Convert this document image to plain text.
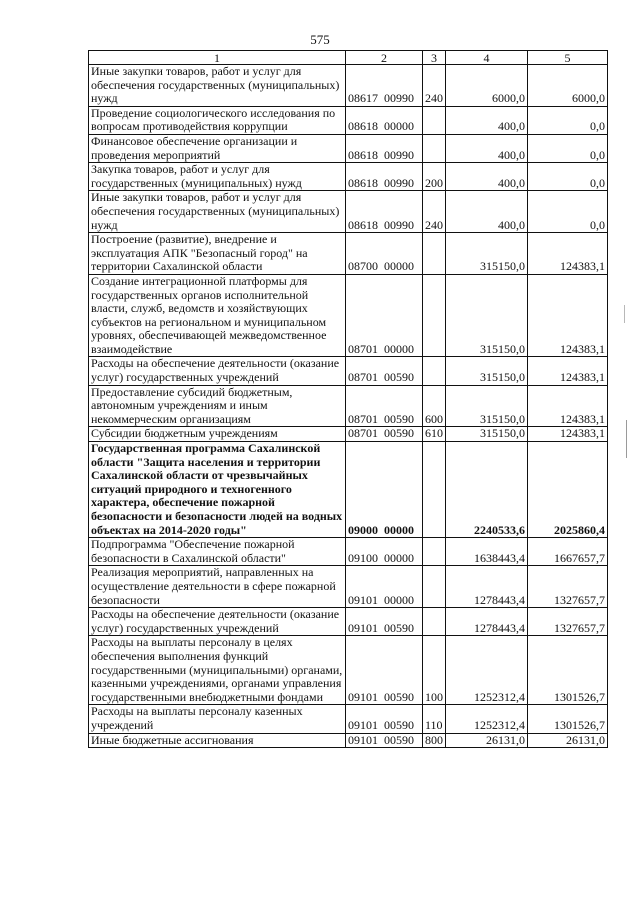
575
1	2	3	4	5
Иные закупки товаров, работ и услуг для обеспечения государственных (муниципальных) нужд	08617 00990	240	6000,0	6000,0
Проведение социологического исследования по вопросам противодействия коррупции	08618 00000		400,0	0,0
Финансовое обеспечение организации и проведения мероприятий	08618 00990		400,0	0,0
Закупка товаров, работ и услуг для государственных (муниципальных) нужд	08618 00990	200	400,0	0,0
Иные закупки товаров, работ и услуг для обеспечения государственных (муниципальных) нужд	08618 00990	240	400,0	0,0
Построение (развитие), внедрение и эксплуатация АПК "Безопасный город" на территории Сахалинской области	08700 00000		315150,0	124383,1
Создание интеграционной платформы для государственных органов исполнительной власти, служб, ведомств и хозяйствующих субъектов на региональном и муниципальном уровнях, обеспечивающей межведомственное взаимодействие	08701 00000		315150,0	124383,1
Расходы на обеспечение деятельности (оказание услуг) государственных учреждений	08701 00590		315150,0	124383,1
Предоставление субсидий бюджетным, автономным учреждениям и иным некоммерческим организациям	08701 00590	600	315150,0	124383,1
Субсидии бюджетным учреждениям	08701 00590	610	315150,0	124383,1
Государственная программа Сахалинской области "Защита населения и территории Сахалинской области от чрезвычайных ситуаций природного и техногенного характера, обеспечение пожарной безопасности и безопасности людей на водных объектах на 2014-2020 годы"	09000 00000		2240533,6	2025860,4
Подпрограмма "Обеспечение пожарной безопасности в Сахалинской области"	09100 00000		1638443,4	1667657,7
Реализация мероприятий, направленных на осуществление деятельности в сфере пожарной безопасности	09101 00000		1278443,4	1327657,7
Расходы на обеспечение деятельности (оказание услуг) государственных учреждений	09101 00590		1278443,4	1327657,7
Расходы на выплаты персоналу в целях обеспечения выполнения функций государственными (муниципальными) органами, казенными учреждениями, органами управления государственными внебюджетными фондами	09101 00590	100	1252312,4	1301526,7
Расходы на выплаты персоналу казенных учреждений	09101 00590	110	1252312,4	1301526,7
Иные бюджетные ассигнования	09101 00590	800	26131,0	26131,0
